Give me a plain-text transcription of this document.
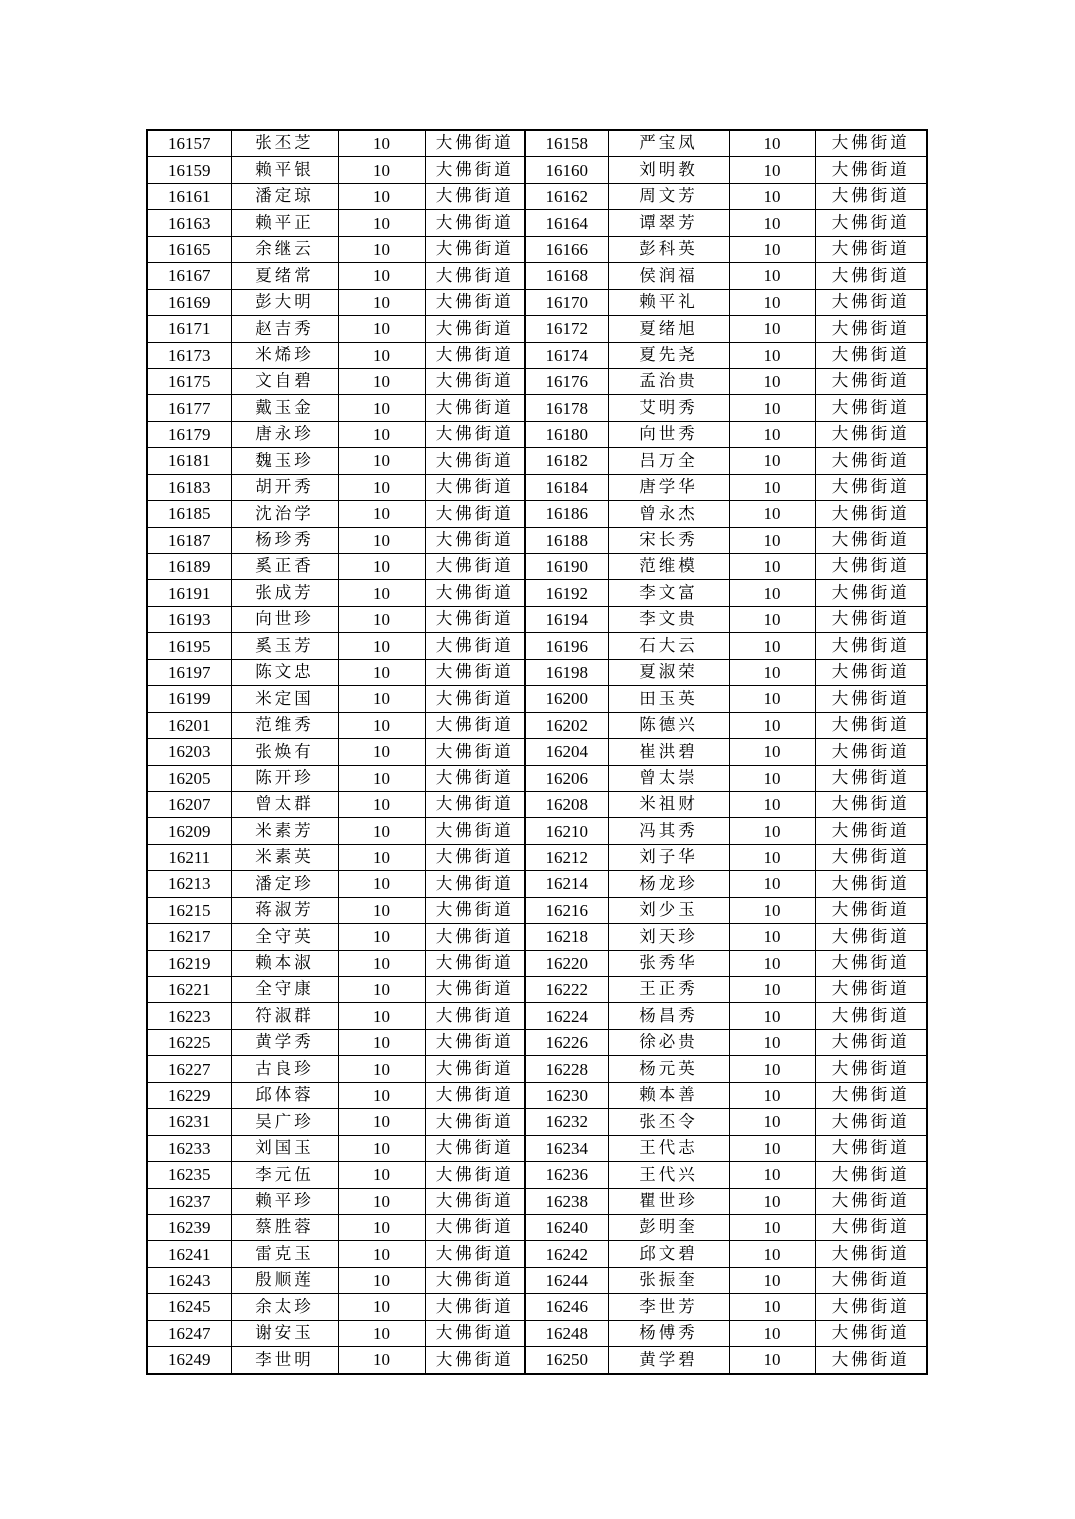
16157	张丕芝	10	大佛街道	16158	严宝凤	10	大佛街道
16159	赖平银	10	大佛街道	16160	刘明教	10	大佛街道
16161	潘定琼	10	大佛街道	16162	周文芳	10	大佛街道
16163	赖平正	10	大佛街道	16164	谭翠芳	10	大佛街道
16165	余继云	10	大佛街道	16166	彭科英	10	大佛街道
16167	夏绪常	10	大佛街道	16168	侯润福	10	大佛街道
16169	彭大明	10	大佛街道	16170	赖平礼	10	大佛街道
16171	赵吉秀	10	大佛街道	16172	夏绪旭	10	大佛街道
16173	米烯珍	10	大佛街道	16174	夏先尧	10	大佛街道
16175	文自碧	10	大佛街道	16176	孟治贵	10	大佛街道
16177	戴玉金	10	大佛街道	16178	艾明秀	10	大佛街道
16179	唐永珍	10	大佛街道	16180	向世秀	10	大佛街道
16181	魏玉珍	10	大佛街道	16182	吕万全	10	大佛街道
16183	胡开秀	10	大佛街道	16184	唐学华	10	大佛街道
16185	沈治学	10	大佛街道	16186	曾永杰	10	大佛街道
16187	杨珍秀	10	大佛街道	16188	宋长秀	10	大佛街道
16189	奚正香	10	大佛街道	16190	范维模	10	大佛街道
16191	张成芳	10	大佛街道	16192	李文富	10	大佛街道
16193	向世珍	10	大佛街道	16194	李文贵	10	大佛街道
16195	奚玉芳	10	大佛街道	16196	石大云	10	大佛街道
16197	陈文忠	10	大佛街道	16198	夏淑荣	10	大佛街道
16199	米定国	10	大佛街道	16200	田玉英	10	大佛街道
16201	范维秀	10	大佛街道	16202	陈德兴	10	大佛街道
16203	张焕有	10	大佛街道	16204	崔洪碧	10	大佛街道
16205	陈开珍	10	大佛街道	16206	曾太崇	10	大佛街道
16207	曾太群	10	大佛街道	16208	米祖财	10	大佛街道
16209	米素芳	10	大佛街道	16210	冯其秀	10	大佛街道
16211	米素英	10	大佛街道	16212	刘子华	10	大佛街道
16213	潘定珍	10	大佛街道	16214	杨龙珍	10	大佛街道
16215	蒋淑芳	10	大佛街道	16216	刘少玉	10	大佛街道
16217	全守英	10	大佛街道	16218	刘天珍	10	大佛街道
16219	赖本淑	10	大佛街道	16220	张秀华	10	大佛街道
16221	全守康	10	大佛街道	16222	王正秀	10	大佛街道
16223	符淑群	10	大佛街道	16224	杨昌秀	10	大佛街道
16225	黄学秀	10	大佛街道	16226	徐必贵	10	大佛街道
16227	古良珍	10	大佛街道	16228	杨元英	10	大佛街道
16229	邱体蓉	10	大佛街道	16230	赖本善	10	大佛街道
16231	吴广珍	10	大佛街道	16232	张丕令	10	大佛街道
16233	刘国玉	10	大佛街道	16234	王代志	10	大佛街道
16235	李元伍	10	大佛街道	16236	王代兴	10	大佛街道
16237	赖平珍	10	大佛街道	16238	瞿世珍	10	大佛街道
16239	蔡胜蓉	10	大佛街道	16240	彭明奎	10	大佛街道
16241	雷克玉	10	大佛街道	16242	邱文碧	10	大佛街道
16243	殷顺莲	10	大佛街道	16244	张振奎	10	大佛街道
16245	余太珍	10	大佛街道	16246	李世芳	10	大佛街道
16247	谢安玉	10	大佛街道	16248	杨傅秀	10	大佛街道
16249	李世明	10	大佛街道	16250	黄学碧	10	大佛街道
